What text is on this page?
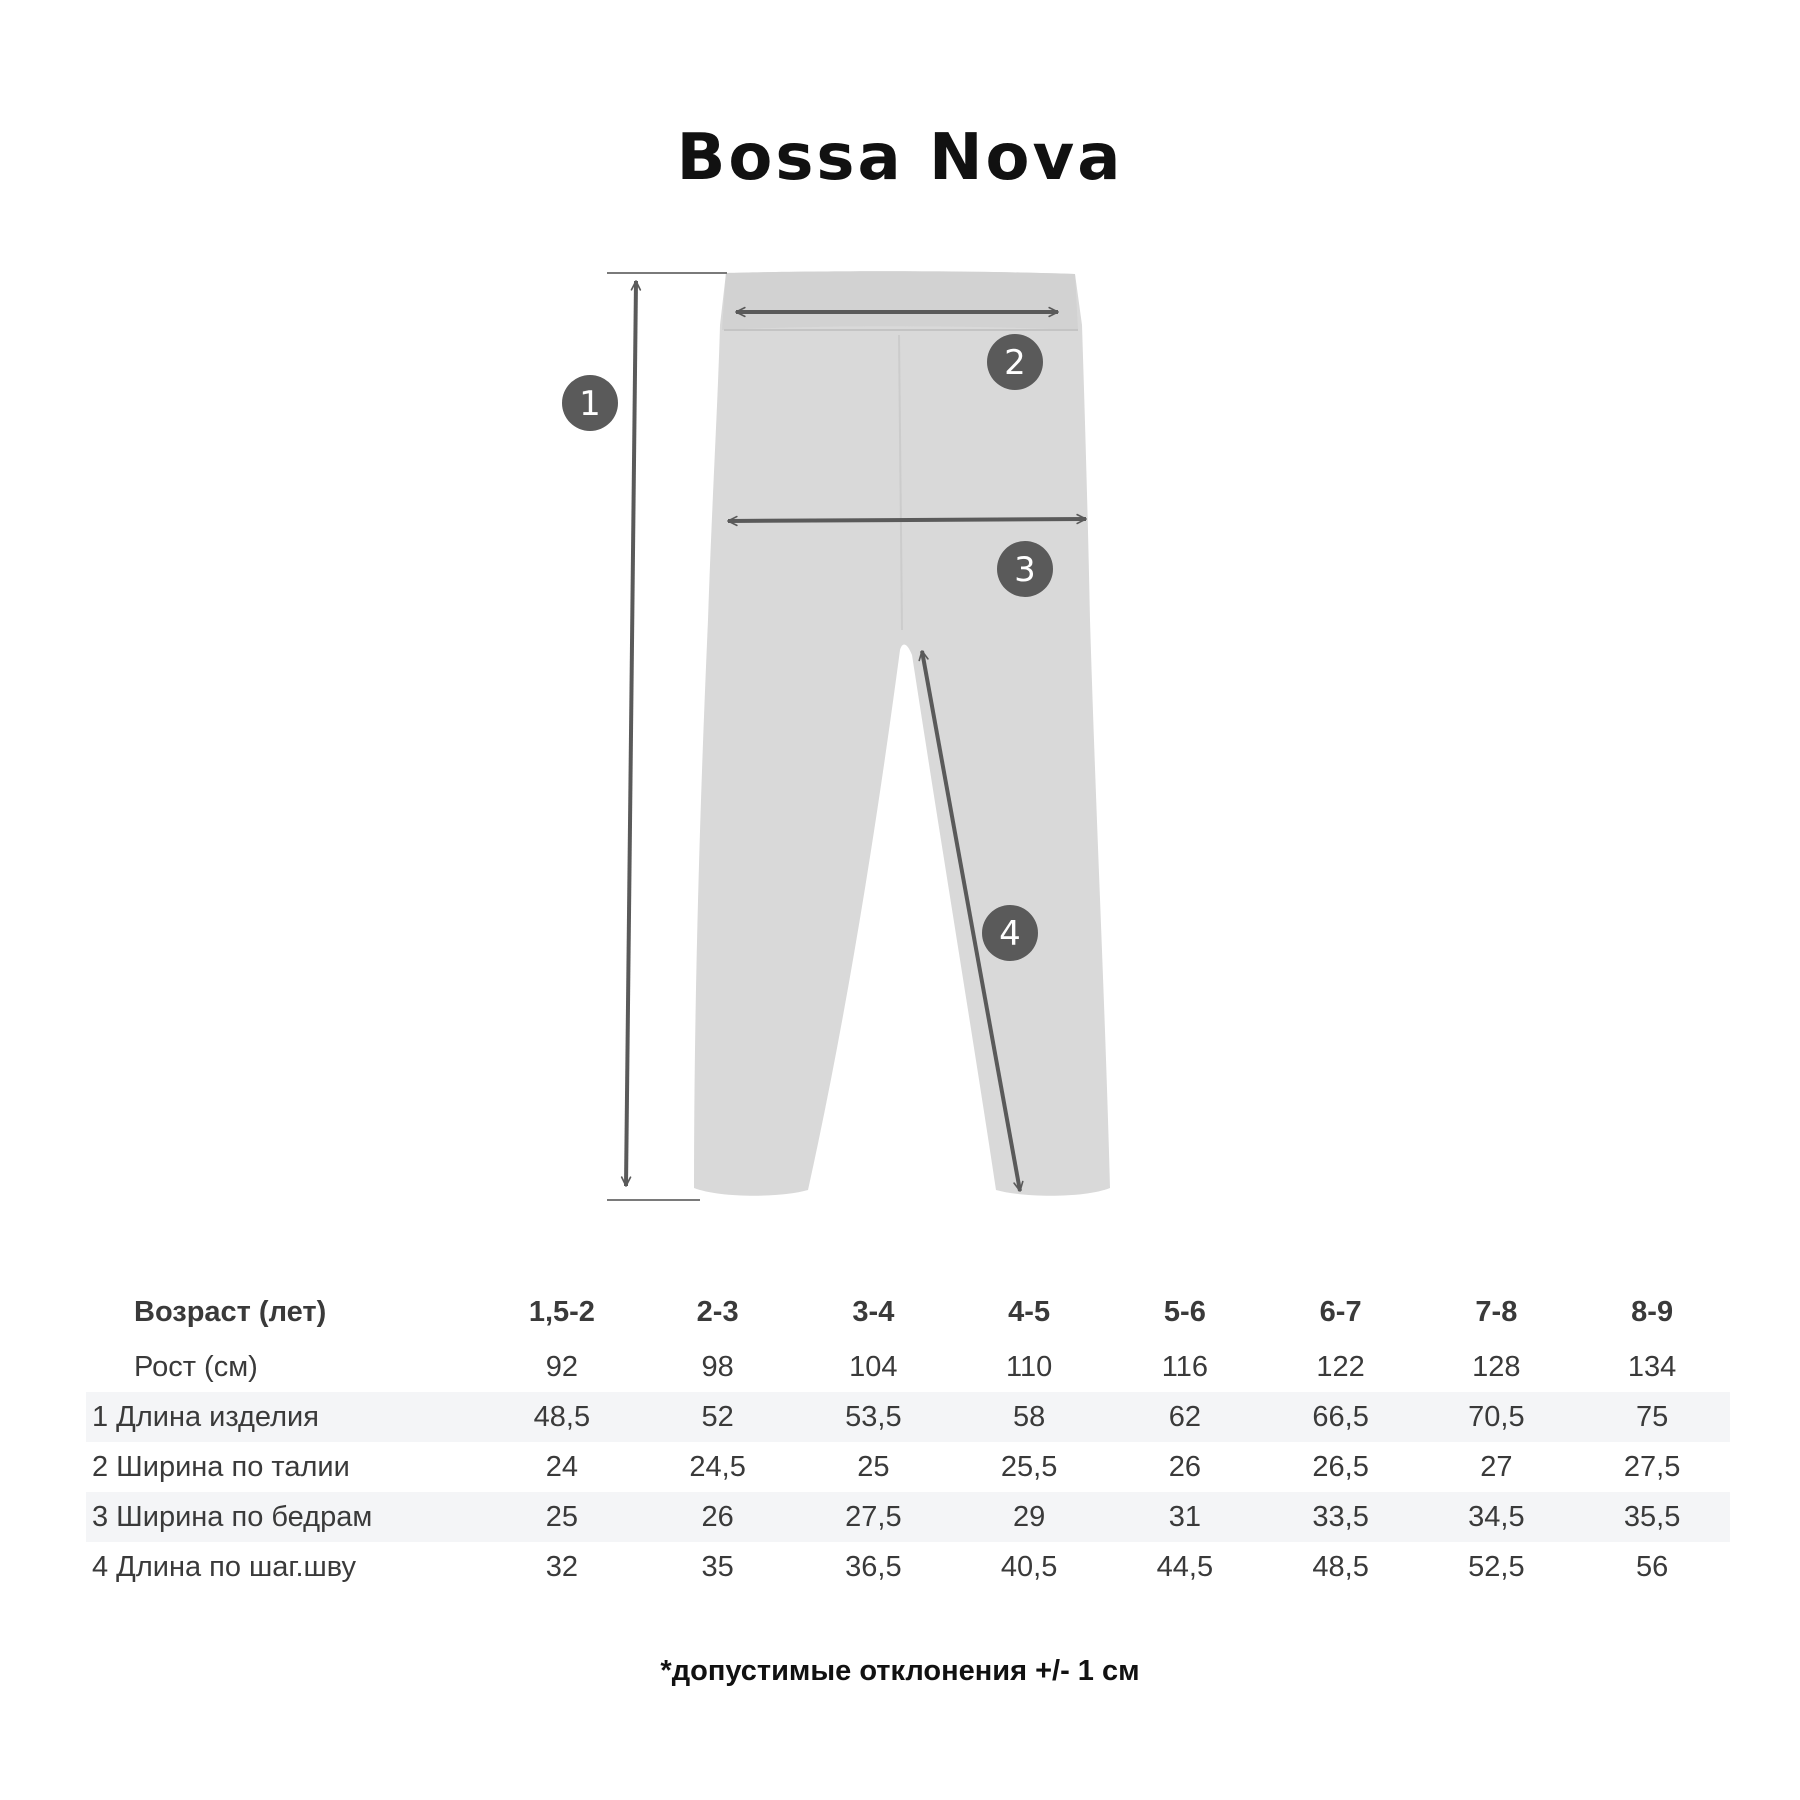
Bossa Nova
1
2
3
4
Возраст (лет)	1,5-2	2-3	3-4	4-5	5-6	6-7	7-8	8-9
Рост (см)	92	98	104	110	116	122	128	134
1 Длина изделия	48,5	52	53,5	58	62	66,5	70,5	75
2 Ширина по талии	24	24,5	25	25,5	26	26,5	27	27,5
3 Ширина по бедрам	25	26	27,5	29	31	33,5	34,5	35,5
4 Длина по шаг.шву	32	35	36,5	40,5	44,5	48,5	52,5	56
*допустимые отклонения +/- 1 см
